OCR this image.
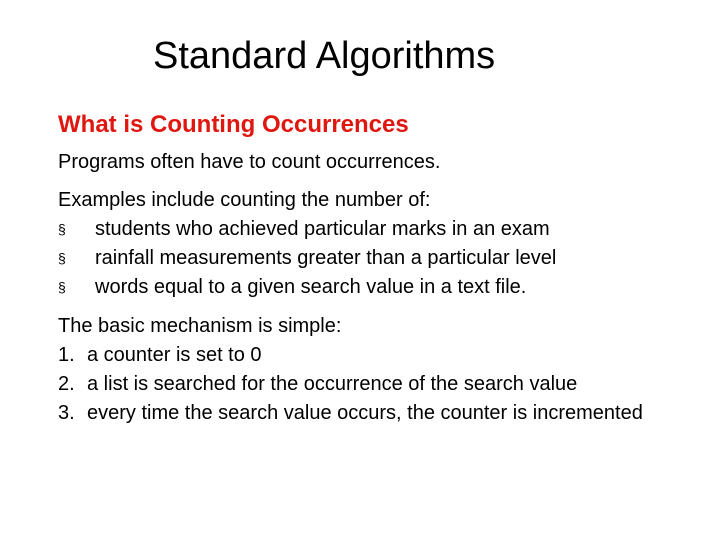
Standard Algorithms

What is Counting Occurrences

Programs often have to count occurrences.

Examples include counting the number of:

§	students who achieved particular marks in an exam
§	rainfall measurements greater than a particular level
§	words equal to a given search value in a text file.

The basic mechanism is simple:

1. a counter is set to 0
2. a list is searched for the occurrence of the search value
3. every time the search value occurs, the counter is incremented
